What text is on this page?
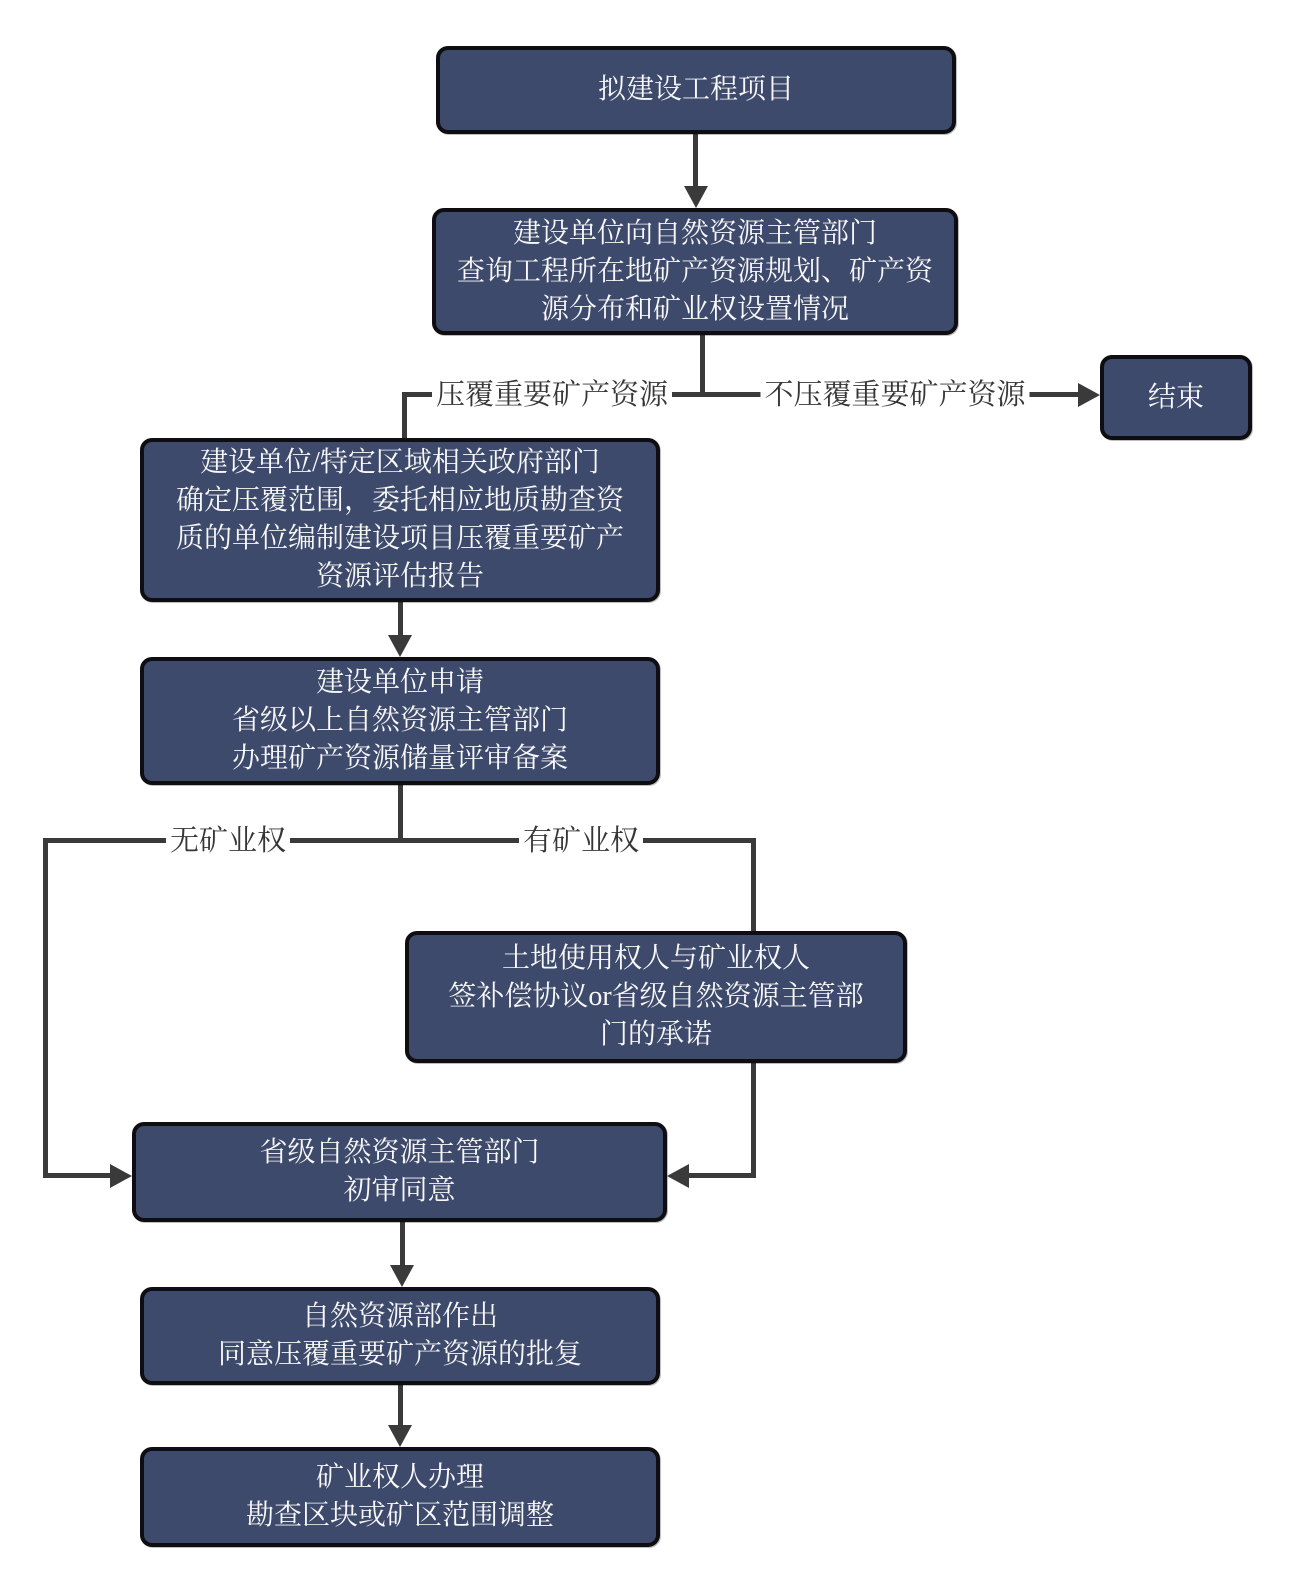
压覆重要矿产资源	不压覆重要矿产资源
无矿业权	有矿业权
拟建设工程项目
建设单位向自然资源主管部门
查询工程所在地矿产资源规划、矿产资
源分布和矿业权设置情况
结束
建设单位/特定区域相关政府部门
确定压覆范围，委托相应地质勘查资
质的单位编制建设项目压覆重要矿产
资源评估报告
建设单位申请
省级以上自然资源主管部门
办理矿产资源储量评审备案
土地使用权人与矿业权人
签补偿协议or省级自然资源主管部
门的承诺
省级自然资源主管部门
初审同意
自然资源部作出
同意压覆重要矿产资源的批复
矿业权人办理
勘查区块或矿区范围调整
